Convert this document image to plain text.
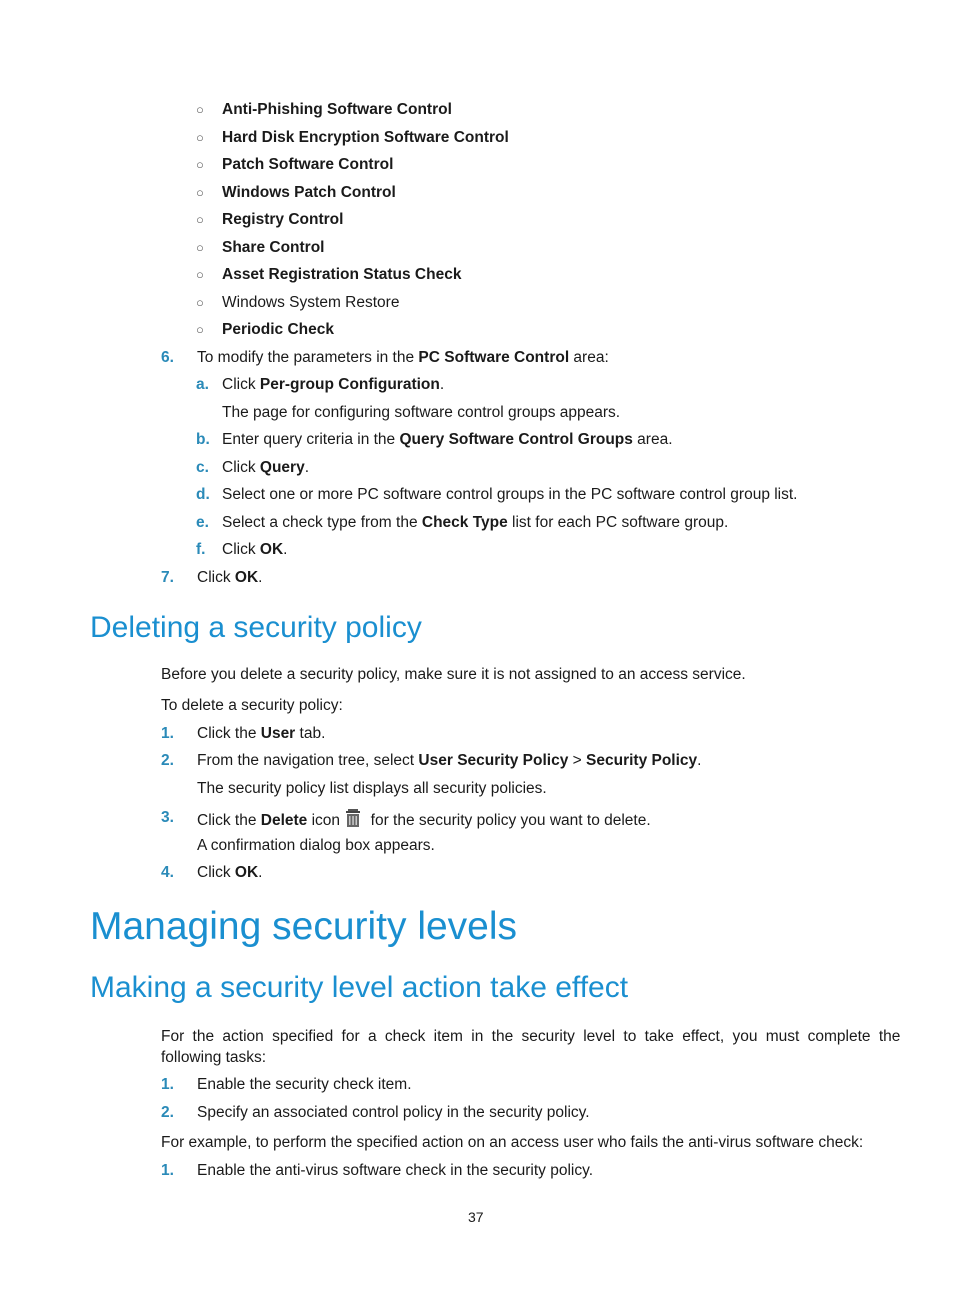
○ Anti-Phishing Software Control
○ Hard Disk Encryption Software Control
○ Patch Software Control
○ Windows Patch Control
○ Registry Control
○ Share Control
○ Asset Registration Status Check
○ Windows System Restore
○ Periodic Check
6. To modify the parameters in the PC Software Control area:
a. Click Per-group Configuration.
The page for configuring software control groups appears.
b. Enter query criteria in the Query Software Control Groups area.
c. Click Query.
d. Select one or more PC software control groups in the PC software control group list.
e. Select a check type from the Check Type list for each PC software group.
f. Click OK.
7. Click OK.
Deleting a security policy
Before you delete a security policy, make sure it is not assigned to an access service.
To delete a security policy:
1. Click the User tab.
2. From the navigation tree, select User Security Policy > Security Policy.
The security policy list displays all security policies.
3. Click the Delete icon  for the security policy you want to delete.
A confirmation dialog box appears.
4. Click OK.
Managing security levels
Making a security level action take effect
For the action specified for a check item in the security level to take effect, you must complete the
following tasks:
1. Enable the security check item.
2. Specify an associated control policy in the security policy.
For example, to perform the specified action on an access user who fails the anti-virus software check:
1. Enable the anti-virus software check in the security policy.
37
